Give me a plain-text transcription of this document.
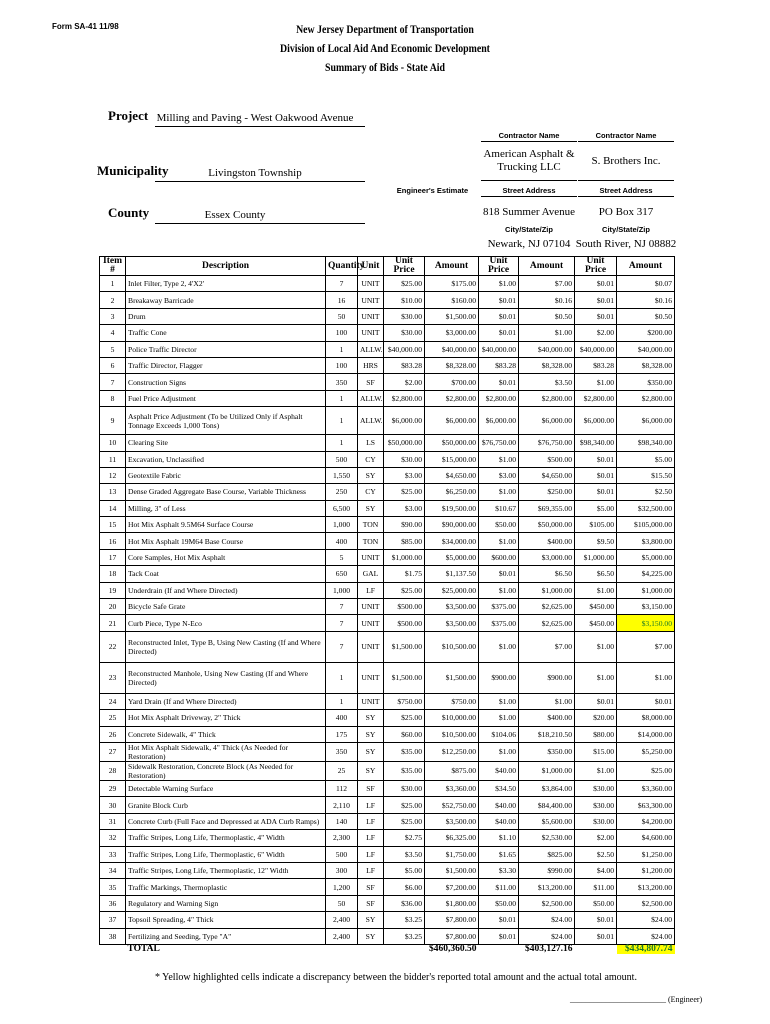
Form SA-41 11/98	New Jersey Department of Transportation
Division of Local Aid And Economic Development
Summary of Bids - State Aid
Project Milling and Paving - West Oakwood Avenue
Municipality	Livingston Township
County	Essex County
Engineer's Estimate
Contractor Name
American Asphalt & Trucking LLC
Street Address
818 Summer Avenue
City/State/Zip
Newark, NJ 07104
Contractor Name
S. Brothers Inc.
Street Address
PO Box 317
City/State/Zip
South River, NJ 08882
Item #	Description	Quantity	Unit	Unit Price	Amount	Unit Price	Amount	Unit Price	Amount
1	Inlet Filter, Type 2, 4'X2'	7	UNIT	$25.00	$175.00	$1.00	$7.00	$0.01	$0.07
2	Breakaway Barricade	16	UNIT	$10.00	$160.00	$0.01	$0.16	$0.01	$0.16
3	Drum	50	UNIT	$30.00	$1,500.00	$0.01	$0.50	$0.01	$0.50
4	Traffic Cone	100	UNIT	$30.00	$3,000.00	$0.01	$1.00	$2.00	$200.00
5	Police Traffic Director	1	ALLW.	$40,000.00	$40,000.00	$40,000.00	$40,000.00	$40,000.00	$40,000.00
6	Traffic Director, Flagger	100	HRS	$83.28	$8,328.00	$83.28	$8,328.00	$83.28	$8,328.00
7	Construction Signs	350	SF	$2.00	$700.00	$0.01	$3.50	$1.00	$350.00
8	Fuel Price Adjustment	1	ALLW.	$2,800.00	$2,800.00	$2,800.00	$2,800.00	$2,800.00	$2,800.00
9	Asphalt Price Adjustment (To be Utilized Only if Asphalt Tonnage Exceeds 1,000 Tons)	1	ALLW.	$6,000.00	$6,000.00	$6,000.00	$6,000.00	$6,000.00	$6,000.00
10	Clearing Site	1	LS	$50,000.00	$50,000.00	$76,750.00	$76,750.00	$98,340.00	$98,340.00
11	Excavation, Unclassified	500	CY	$30.00	$15,000.00	$1.00	$500.00	$0.01	$5.00
12	Geotextile Fabric	1,550	SY	$3.00	$4,650.00	$3.00	$4,650.00	$0.01	$15.50
13	Dense Graded Aggregate Base Course, Variable Thickness	250	CY	$25.00	$6,250.00	$1.00	$250.00	$0.01	$2.50
14	Milling, 3" of Less	6,500	SY	$3.00	$19,500.00	$10.67	$69,355.00	$5.00	$32,500.00
15	Hot Mix Asphalt 9.5M64 Surface Course	1,000	TON	$90.00	$90,000.00	$50.00	$50,000.00	$105.00	$105,000.00
16	Hot Mix Asphalt 19M64 Base Course	400	TON	$85.00	$34,000.00	$1.00	$400.00	$9.50	$3,800.00
17	Core Samples, Hot Mix Asphalt	5	UNIT	$1,000.00	$5,000.00	$600.00	$3,000.00	$1,000.00	$5,000.00
18	Tack Coat	650	GAL	$1.75	$1,137.50	$0.01	$6.50	$6.50	$4,225.00
19	Underdrain (If and Where Directed)	1,000	LF	$25.00	$25,000.00	$1.00	$1,000.00	$1.00	$1,000.00
20	Bicycle Safe Grate	7	UNIT	$500.00	$3,500.00	$375.00	$2,625.00	$450.00	$3,150.00
21	Curb Piece, Type N-Eco	7	UNIT	$500.00	$3,500.00	$375.00	$2,625.00	$450.00	$3,150.00
22	Reconstructed Inlet, Type B, Using New Casting (If and Where Directed)	7	UNIT	$1,500.00	$10,500.00	$1.00	$7.00	$1.00	$7.00
23	Reconstructed Manhole, Using New Casting (If and Where Directed)	1	UNIT	$1,500.00	$1,500.00	$900.00	$900.00	$1.00	$1.00
24	Yard Drain (If and Where Directed)	1	UNIT	$750.00	$750.00	$1.00	$1.00	$0.01	$0.01
25	Hot Mix Asphalt Driveway, 2" Thick	400	SY	$25.00	$10,000.00	$1.00	$400.00	$20.00	$8,000.00
26	Concrete Sidewalk, 4" Thick	175	SY	$60.00	$10,500.00	$104.06	$18,210.50	$80.00	$14,000.00
27	Hot Mix Asphalt Sidewalk, 4" Thick (As Needed for Restoration)	350	SY	$35.00	$12,250.00	$1.00	$350.00	$15.00	$5,250.00
28	Sidewalk Restoration, Concrete Block (As Needed for Restoration)	25	SY	$35.00	$875.00	$40.00	$1,000.00	$1.00	$25.00
29	Detectable Warning Surface	112	SF	$30.00	$3,360.00	$34.50	$3,864.00	$30.00	$3,360.00
30	Granite Block Curb	2,110	LF	$25.00	$52,750.00	$40.00	$84,400.00	$30.00	$63,300.00
31	Concrete Curb (Full Face and Depressed at ADA Curb Ramps)	140	LF	$25.00	$3,500.00	$40.00	$5,600.00	$30.00	$4,200.00
32	Traffic Stripes, Long Life, Thermoplastic, 4" Width	2,300	LF	$2.75	$6,325.00	$1.10	$2,530.00	$2.00	$4,600.00
33	Traffic Stripes, Long Life, Thermoplastic, 6" Width	500	LF	$3.50	$1,750.00	$1.65	$825.00	$2.50	$1,250.00
34	Traffic Stripes, Long Life, Thermoplastic, 12" Width	300	LF	$5.00	$1,500.00	$3.30	$990.00	$4.00	$1,200.00
35	Traffic Markings, Thermoplastic	1,200	SF	$6.00	$7,200.00	$11.00	$13,200.00	$11.00	$13,200.00
36	Regulatory and Warning Sign	50	SF	$36.00	$1,800.00	$50.00	$2,500.00	$50.00	$2,500.00
37	Topsoil Spreading, 4" Thick	2,400	SY	$3.25	$7,800.00	$0.01	$24.00	$0.01	$24.00
38	Fertilizing and Seeding, Type "A"	2,400	SY	$3.25	$7,800.00	$0.01	$24.00	$0.01	$24.00
	TOTAL				$460,360.50		$403,127.16		$434,807.74
* Yellow highlighted cells indicate a discrepancy between the bidder's reported total amount and the actual total amount.
________________________ (Engineer)
